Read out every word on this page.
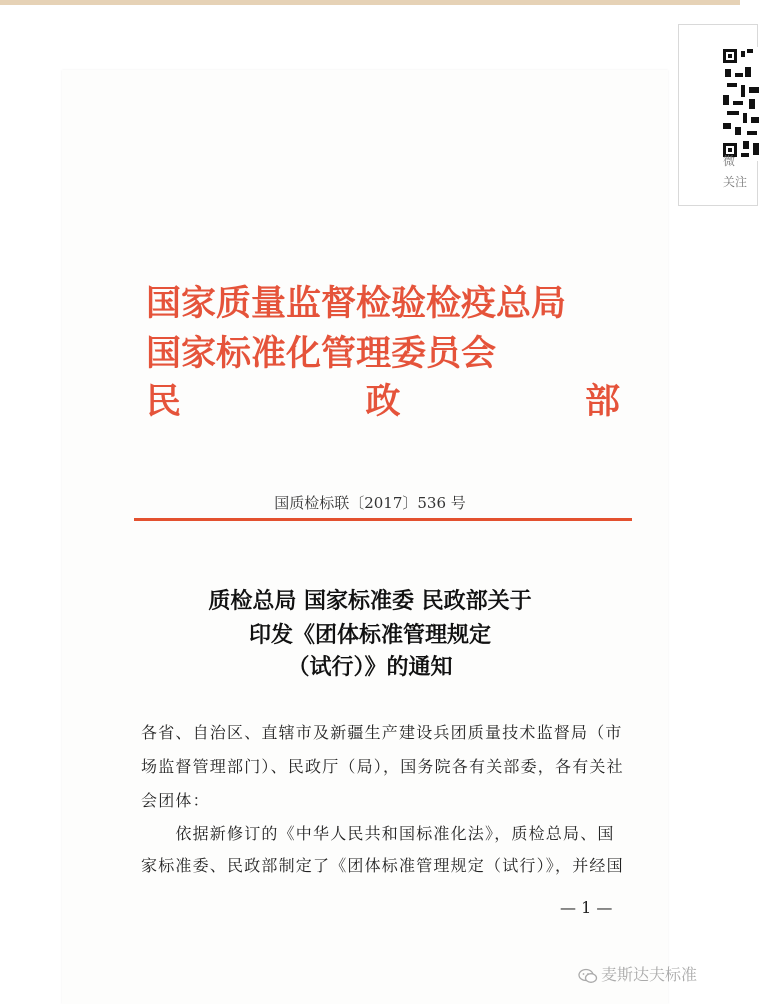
微
关注
国家质量监督检验检疫总局
国家标准化管理委员会
民	政	部
国质检标联〔2017〕536 号
质检总局 国家标准委 民政部关于
印发《团体标准管理规定
（试行）》的通知
各省、自治区、直辖市及新疆生产建设兵团质量技术监督局（市
场监督管理部门）、民政厅（局），国务院各有关部委，各有关社
会团体：
　　依据新修订的《中华人民共和国标准化法》，质检总局、国
家标准委、民政部制定了《团体标准管理规定（试行）》，并经国
— 1 —
麦斯达夫标准
